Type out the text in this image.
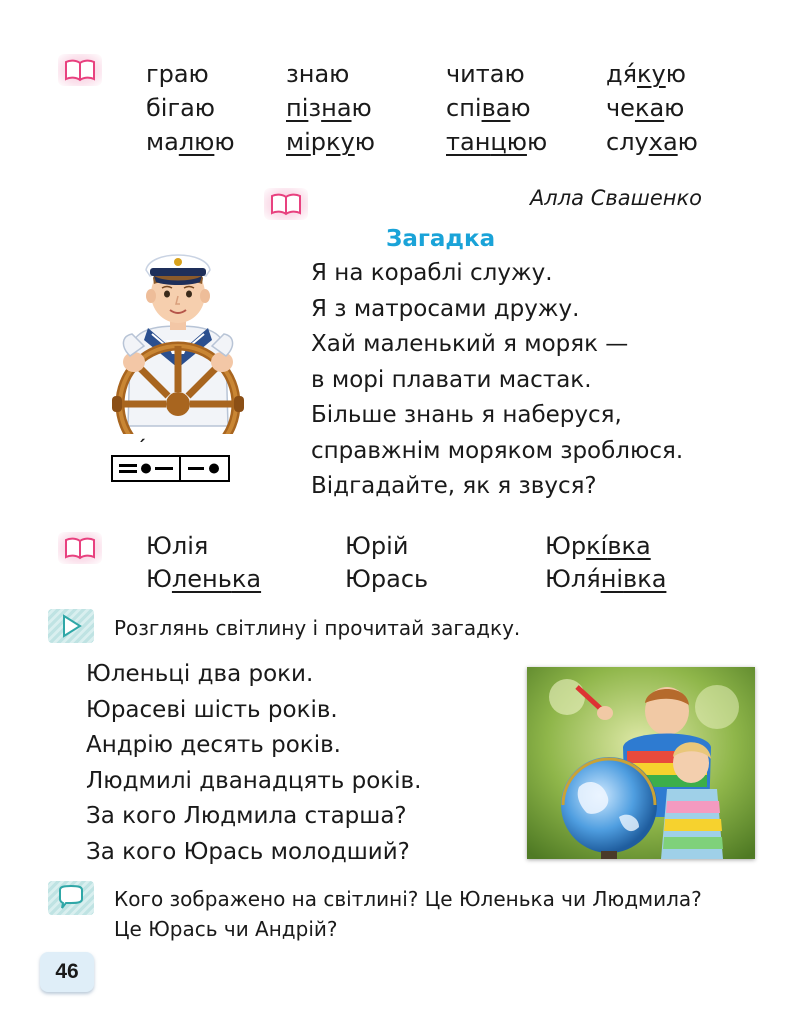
граю
бігаю
малюю
знаю
пізнаю
міркую
читаю
співаю
танцюю
дя́кую
чекаю
слухаю
Алла Свашенко
Загадка
Я на кораблі служу.
Я з матросами дружу.
Хай маленький я моряк —
в морі плавати мастак.
Більше знань я наберуся,
справжнім моряком зроблюся.
Відгадайте, як я звуся?
Юлія
Юленька
Юрій
Юрась
Юркі́вка
Юля́нівка
Розглянь світлину і прочитай загадку.
Юленьці два роки.
Юрасеві шість років.
Андрію десять років.
Людмилі дванадцять років.
За кого Людмила старша?
За кого Юрась молодший?
Кого зображено на світлині? Це Юленька чи Людмила?
Це Юрась чи Андрій?
46
